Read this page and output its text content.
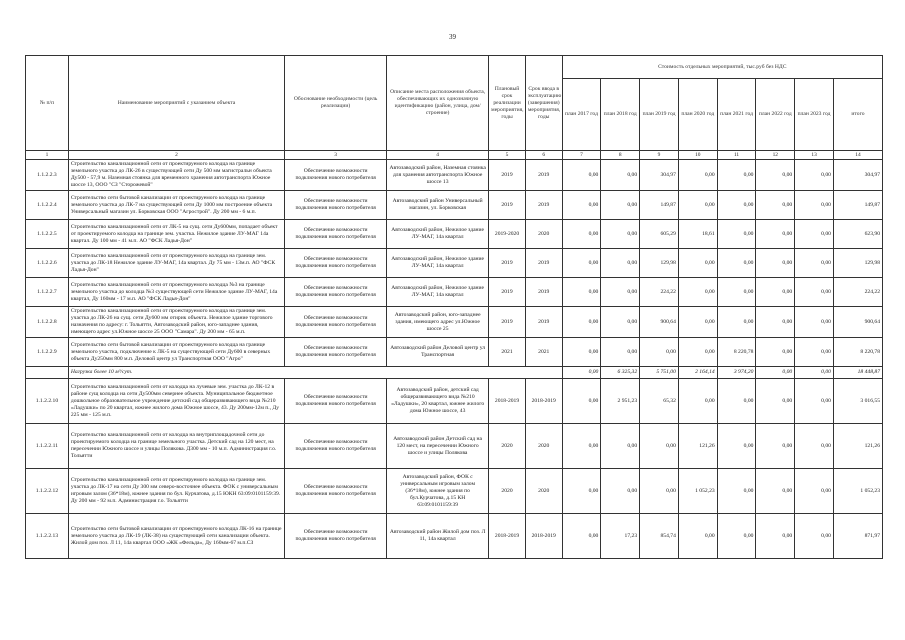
39
№ п/п	Наименование мероприятий с указанием объекта	Обоснование необходимости (цель реализации)	Описание места расположения объекта, обеспечивающих их однозначную идентификацию (район, улица, дом/строение)	Плановый срок реализации мероприятия, годы	Срок ввода в эксплуатацию (завершения) мероприятия, годы	Стоимость отдельных мероприятий, тыс.руб без НДС							
						план 2017 год	план 2018 год	план 2019 год	план 2020 год	план 2021 год	план 2022 год	план 2023 год	итого
1	2	3	4	5	6	7	8	9	10	11	12	13	14
1.1.2.2.3	Строительство канализационной сети от проектируемого колодца на границе земельного участка до ЛК-26 в существующей сети Ду 500 мм магистральн объекта Ду500 - 57,9 м. Наземная стоянка для временного хранения автотранспорта Южное шоссе 13, ООО "СЗ "Сторожевой"	Обеспечение возможности подключения нового потребителя	Автозаводский район, Наземная стоянка для хранения автотранспорта Южное шоссе 13	2019	2019	0,00	0,00	304,97	0,00	0,00	0,00	0,00	304,97
1.1.2.2.4	Строительство сети бытовой канализации от проектируемого колодца на границе земельного участка до ЛК-7 на существующей сети Ду 1000 мм построение объекта Универсальный магазин ул. Борковская ООО "Агрострой". Ду 200 мм - 6 м.п.	Обеспечение возможности подключения нового потребителя	Автозаводский район Универсальный магазин, ул. Борковская	2019	2019	0,00	0,00	149,87	0,00	0,00	0,00	0,00	149,87
1.1.2.2.5	Строительство канализационной сети от ЛК-5 на сущ. сети Ду600мм, попадает объект от проектируемого колодца на границе зем. участка. Нежилое здание ЛУ-МАГ 14а квартал. Ду 100 мм - 41 м.п. АО "ФСК Ладья-Дон"	Обеспечение возможности подключения нового потребителя	Автозаводский район, Нежилое здание ЛУ-МАГ, 14а квартал	2019-2020	2020	0,00	0,00	605,29	18,61	0,00	0,00	0,00	623,90
1.1.2.2.6	Строительство канализационной сети от проектируемого колодца на границе зем. участка до ЛК-18 Нежилое здание ЛУ-МАГ, 14а квартал. Ду 75 мм - 13м.п. АО "ФСК Ладья-Дон"	Обеспечение возможности подключения нового потребителя	Автозаводский район, Нежилое здание ЛУ-МАГ, 14а квартал	2019	2019	0,00	0,00	129,98	0,00	0,00	0,00	0,00	129,98
1.1.2.2.7	Строительство канализационной сети от проектируемого колодца №3 на границе земельного участка до колодца №3 существующей сети Нежилое здание ЛУ-МАГ, 14а квартал, Ду 160мм - 17 м.п. АО "ФСК Ладья-Дон"	Обеспечение возможности подключения нового потребителя	Автозаводский район, Нежилое здание ЛУ-МАГ, 14а квартал	2019	2019	0,00	0,00	224,22	0,00	0,00	0,00	0,00	224,22
1.1.2.2.8	Строительство канализационной сети от проектируемого колодца на границе зем. участка до ЛК-26 на сущ. сети Ду600 мм отирик объекта. Нежилое здание торгового назначения по адресу: г. Тольятти, Автозаводский район, юго-западнее здания, имеющего адрес ул.Южное шоссе 25 ООО "Самара". Ду 200 мм - 65 м.п.	Обеспечение возможности подключения нового потребителя	Автозаводский район, юго-западнее здания, имеющего адрес ул.Южное шоссе 25	2019	2019	0,00	0,00	900,64	0,00	0,00	0,00	0,00	900,64
1.1.2.2.9	Строительство сети бытовой канализации от проектируемого колодца на границе земельного участка, подключение к ЛК-5 на существующей сети Ду600 в северных объекта Ду250мм 800 м.п. Деловой центр ул Транспортная ООО "Агро"	Обеспечение возможности подключения нового потребителя	Автозаводский район Деловой центр ул Транспортная	2021	2021	0,00	0,00	0,00	0,00	8 220,78	0,00	0,00	8 220,78
	Нагрузка более 10 м³/сут.					0,00	6 325,32	5 751,00	2 164,14	3 974,20	0,00	0,00	18 448,87
1.1.2.2.10	Строительство канализационной сети от колодца на лучевые зем. участка до ЛК-12 в районе сущ колодца на сети Ду500мм севернее объекта. Муниципальное бюджетное дошкольное образовательное учреждение детский сад общеразвивающего вида №210 «Ладушки» по 20 квартал, южнее жилого дома Южное шоссе, 43. Ду 200мм-12м п., Ду 225 мм - 125 м.п.	Обеспечение возможности подключения нового потребителя	Автозаводский район, детский сад общеразвивающего вида №210 «Ладушки», 20 квартал, южнее жилого дома Южное шоссе, 43	2018-2019	2018-2019	0,00	2 951,23	65,32	0,00	0,00	0,00	0,00	3 016,55
1.1.2.2.11	Строительство канализационной сети от колодца на внутриплощадочной сети до проектируемого колодца на границе земельного участка. Детский сад на 120 мест, на пересечении Южного шоссе и улицы Полякова. Д300 мм - 10 м.п. Администрация г.о. Тольятти	Обеспечение возможности подключения нового потребителя	Автозаводский район Детский сад на 120 мест, на пересечении Южного шоссе и улицы Полякова	2020	2020	0,00	0,00	0,00	121,26	0,00	0,00	0,00	121,26
1.1.2.2.12	Строительство канализационной сети от проектируемого колодца на границе зем. участка до ЛК-17 на сети Ду 300 мм северо-восточнее объекта. ФОК с универсальным игровым залом (36*18м), южнее здания по бул. Курчатова, д.15 ЮКН 63:09:0101159:39. Ду 200 мм - 92 м.п. Администрация г.о. Тольятти	Обеспечение возможности подключения нового потребителя	Автозаводский район, ФОК с универсальным игровым залом (36*18м), южнее здания по бул.Курчатова, д.15 КН 63:09:0101159:39	2020	2020	0,00	0,00	0,00	1 052,23	0,00	0,00	0,00	1 052,23
1.1.2.2.13	Строительство сети бытовой канализации от проектируемого колодца ЛК-16 на границе земельного участка до ЛК-19 (ЛК-38) на существующей сети канализации объекта. Жилой дом поз. Л 11, 14а квартал ООО «ЖК «Фельда», Ду 160мм-67 м.п.СЗ	Обеспечение возможности подключения нового потребителя	Автозаводский район Жилой дом поз. Л 11, 14а квартал	2018-2019	2018-2019	0,00	17,23	854,74	0,00	0,00	0,00	0,00	871,97
